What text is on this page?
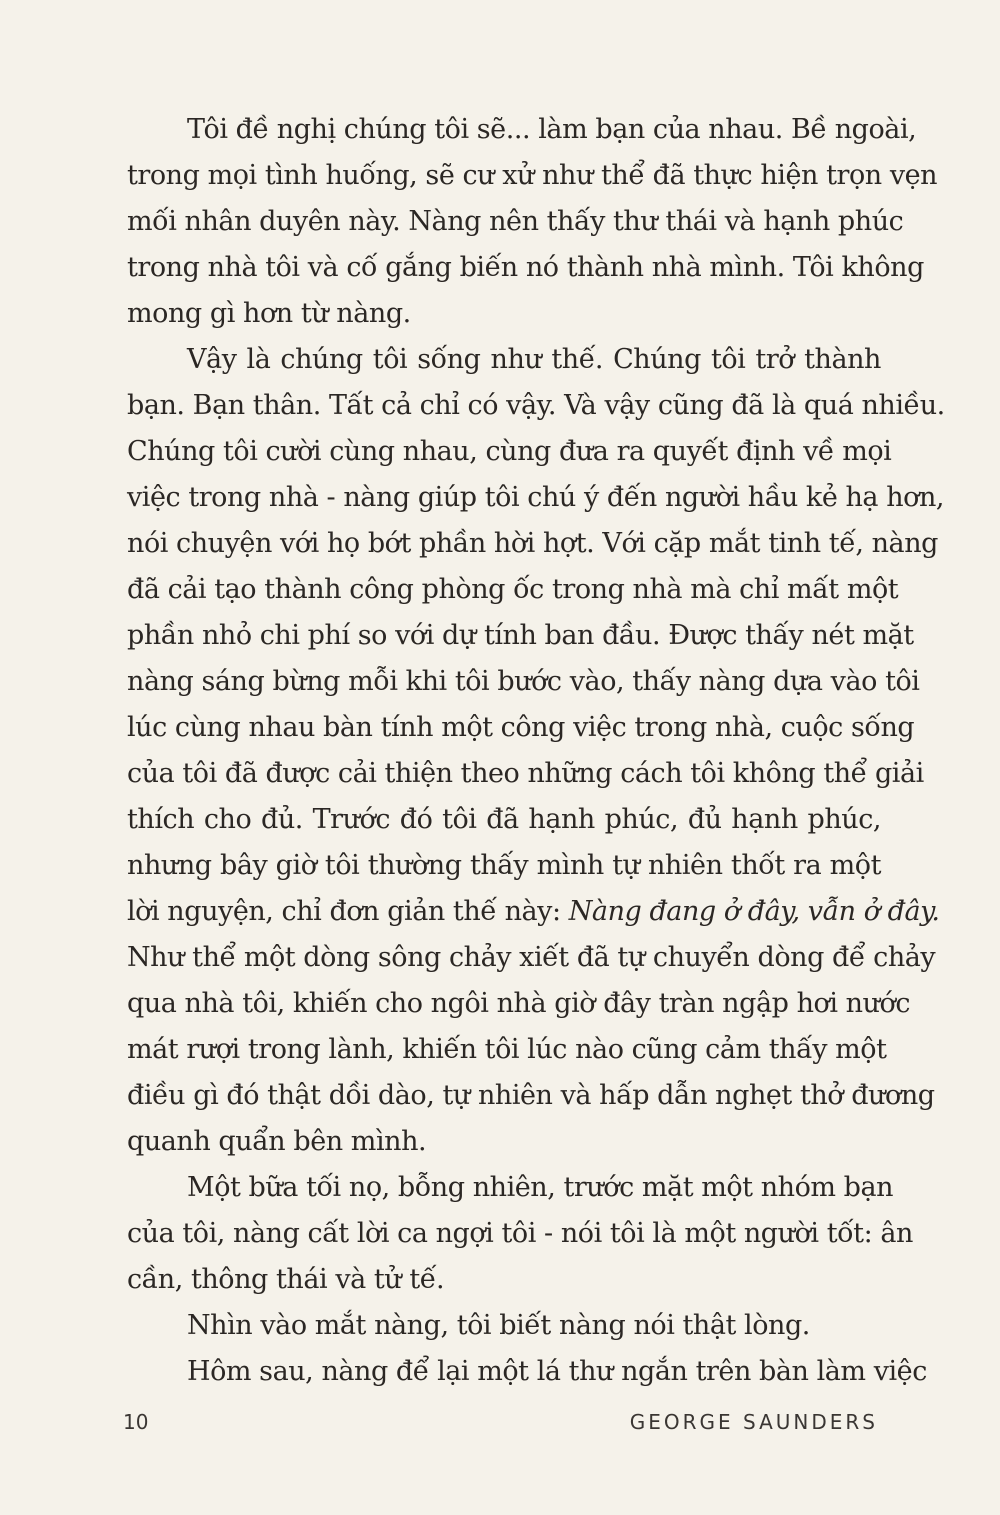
Tôi đề nghị chúng tôi sẽ... làm bạn của nhau. Bề ngoài,
trong mọi tình huống, sẽ cư xử như thể đã thực hiện trọn vẹn
mối nhân duyên này. Nàng nên thấy thư thái và hạnh phúc
trong nhà tôi và cố gắng biến nó thành nhà mình. Tôi không
mong gì hơn từ nàng.
Vậy là chúng tôi sống như thế. Chúng tôi trở thành
bạn. Bạn thân. Tất cả chỉ có vậy. Và vậy cũng đã là quá nhiều.
Chúng tôi cười cùng nhau, cùng đưa ra quyết định về mọi
việc trong nhà - nàng giúp tôi chú ý đến người hầu kẻ hạ hơn,
nói chuyện với họ bớt phần hời hợt. Với cặp mắt tinh tế, nàng
đã cải tạo thành công phòng ốc trong nhà mà chỉ mất một
phần nhỏ chi phí so với dự tính ban đầu. Được thấy nét mặt
nàng sáng bừng mỗi khi tôi bước vào, thấy nàng dựa vào tôi
lúc cùng nhau bàn tính một công việc trong nhà, cuộc sống
của tôi đã được cải thiện theo những cách tôi không thể giải
thích cho đủ. Trước đó tôi đã hạnh phúc, đủ hạnh phúc,
nhưng bây giờ tôi thường thấy mình tự nhiên thốt ra một
lời nguyện, chỉ đơn giản thế này: Nàng đang ở đây, vẫn ở đây.
Như thể một dòng sông chảy xiết đã tự chuyển dòng để chảy
qua nhà tôi, khiến cho ngôi nhà giờ đây tràn ngập hơi nước
mát rượi trong lành, khiến tôi lúc nào cũng cảm thấy một
điều gì đó thật dồi dào, tự nhiên và hấp dẫn nghẹt thở đương
quanh quẩn bên mình.
Một bữa tối nọ, bỗng nhiên, trước mặt một nhóm bạn
của tôi, nàng cất lời ca ngợi tôi - nói tôi là một người tốt: ân
cần, thông thái và tử tế.
Nhìn vào mắt nàng, tôi biết nàng nói thật lòng.
Hôm sau, nàng để lại một lá thư ngắn trên bàn làm việc
10	GEORGE SAUNDERS
